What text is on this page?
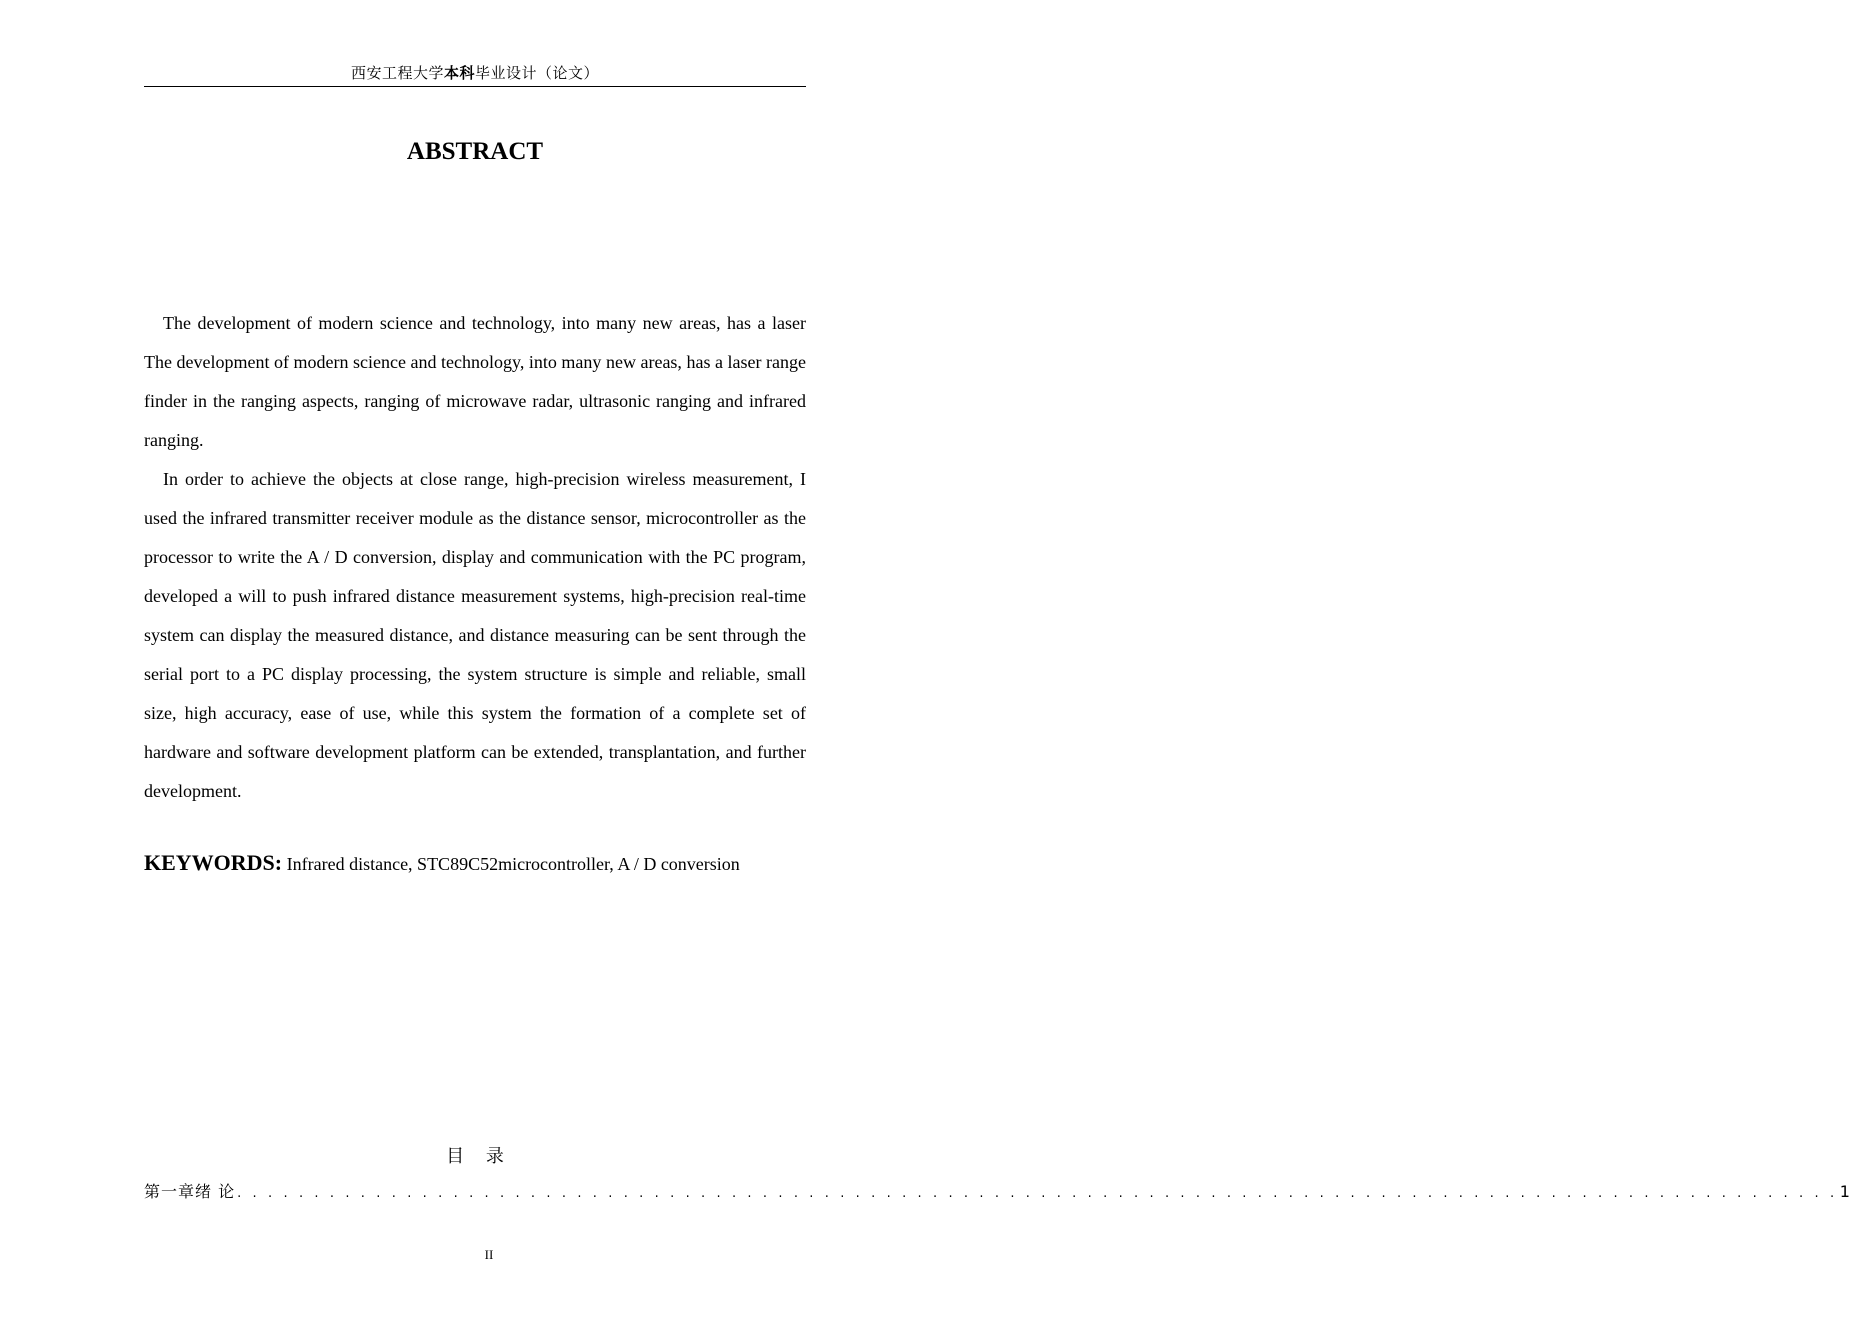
西安工程大学本科毕业设计（论文）
ABSTRACT

The development of modern science and technology, into many new areas, has a laser The development of modern science and technology, into many new areas, has a laser range finder in the ranging aspects, ranging of microwave radar, ultrasonic ranging and infrared ranging.

In order to achieve the objects at close range, high-precision wireless measurement, I used the infrared transmitter receiver module as the distance sensor, microcontroller as the processor to write the A / D conversion, display and communication with the PC program, developed a will to push infrared distance measurement systems, high-precision real-time system can display the measured distance, and distance measuring can be sent through the serial port to a PC display processing, the system structure is simple and reliable, small size, high accuracy, ease of use, while this system the formation of a complete set of hardware and software development platform can be extended, transplantation, and further development.

KEYWORDS: Infrared distance, STC89C52microcontroller, A / D conversion
目 录
第一章绪 论 . . . . . . . . . . . . . . . . . . . . . . . . . . . . . . . . . . . . . . . . . . . . . . . . . . . . . . . . . . . . . . . . . . . . . . . . . . . . . . . . . . . . . . . . . . . . . . . . . . . . . . . . 1
II
